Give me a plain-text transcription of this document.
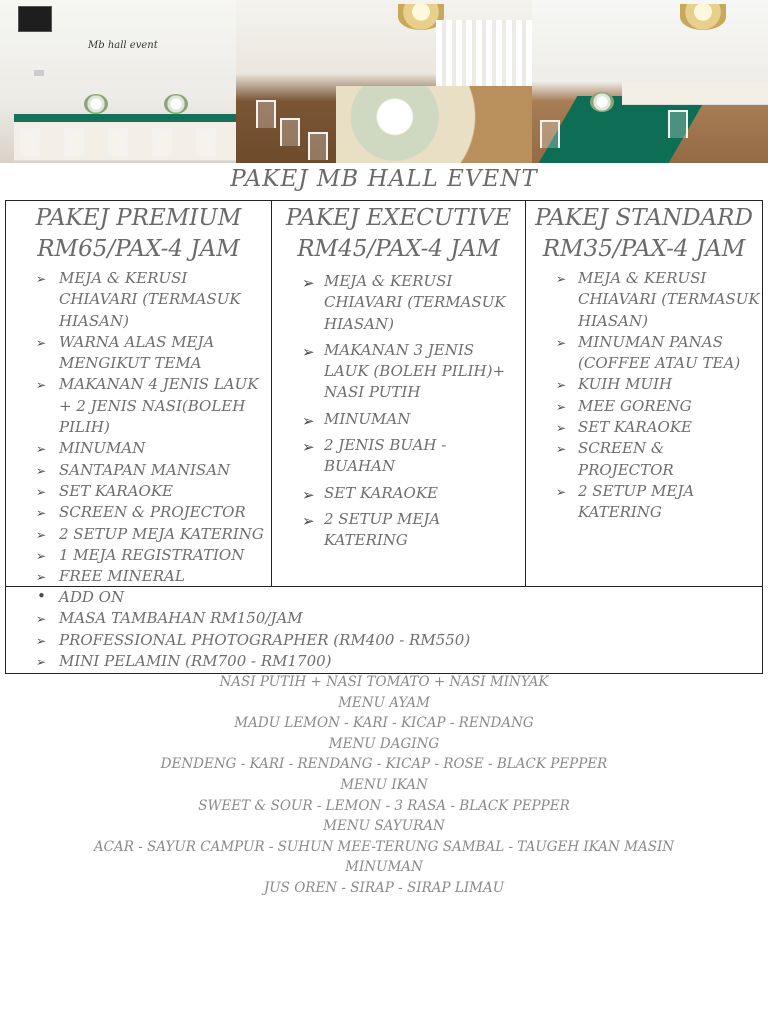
Mb hall event
PAKEJ MB HALL EVENT
PAKEJ PREMIUM
RM65/PAX-4 JAM
➢ MEJA & KERUSI CHIAVARI (TERMASUK HIASAN)
➢ WARNA ALAS MEJA MENGIKUT TEMA
➢ MAKANAN 4 JENIS LAUK + 2 JENIS NASI(BOLEH PILIH)
➢ MINUMAN
➢ SANTAPAN MANISAN
➢ SET KARAOKE
➢ SCREEN & PROJECTOR
➢ 2 SETUP MEJA KATERING
➢ 1 MEJA REGISTRATION
➢ FREE MINERAL
PAKEJ EXECUTIVE
RM45/PAX-4 JAM
➢ MEJA & KERUSI CHIAVARI (TERMASUK HIASAN)
➢ MAKANAN 3 JENIS LAUK (BOLEH PILIH)+ NASI PUTIH
➢ MINUMAN
➢ 2 JENIS BUAH - BUAHAN
➢ SET KARAOKE
➢ 2 SETUP MEJA KATERING
PAKEJ STANDARD
RM35/PAX-4 JAM
➢ MEJA & KERUSI CHIAVARI (TERMASUK HIASAN)
➢ MINUMAN PANAS (COFFEE ATAU TEA)
➢ KUIH MUIH
➢ MEE GORENG
➢ SET KARAOKE
➢ SCREEN & PROJECTOR
➢ 2 SETUP MEJA KATERING
• ADD ON
➢ MASA TAMBAHAN RM150/JAM
➢ PROFESSIONAL PHOTOGRAPHER (RM400 - RM550)
➢ MINI PELAMIN (RM700 - RM1700)
NASI PUTIH + NASI TOMATO + NASI MINYAK
MENU AYAM
MADU LEMON - KARI - KICAP - RENDANG
MENU DAGING
DENDENG - KARI - RENDANG - KICAP - ROSE - BLACK PEPPER
MENU IKAN
SWEET & SOUR - LEMON - 3 RASA - BLACK PEPPER
MENU SAYURAN
ACAR - SAYUR CAMPUR - SUHUN MEE-TERUNG SAMBAL - TAUGEH IKAN MASIN
MINUMAN
JUS OREN - SIRAP - SIRAP LIMAU
